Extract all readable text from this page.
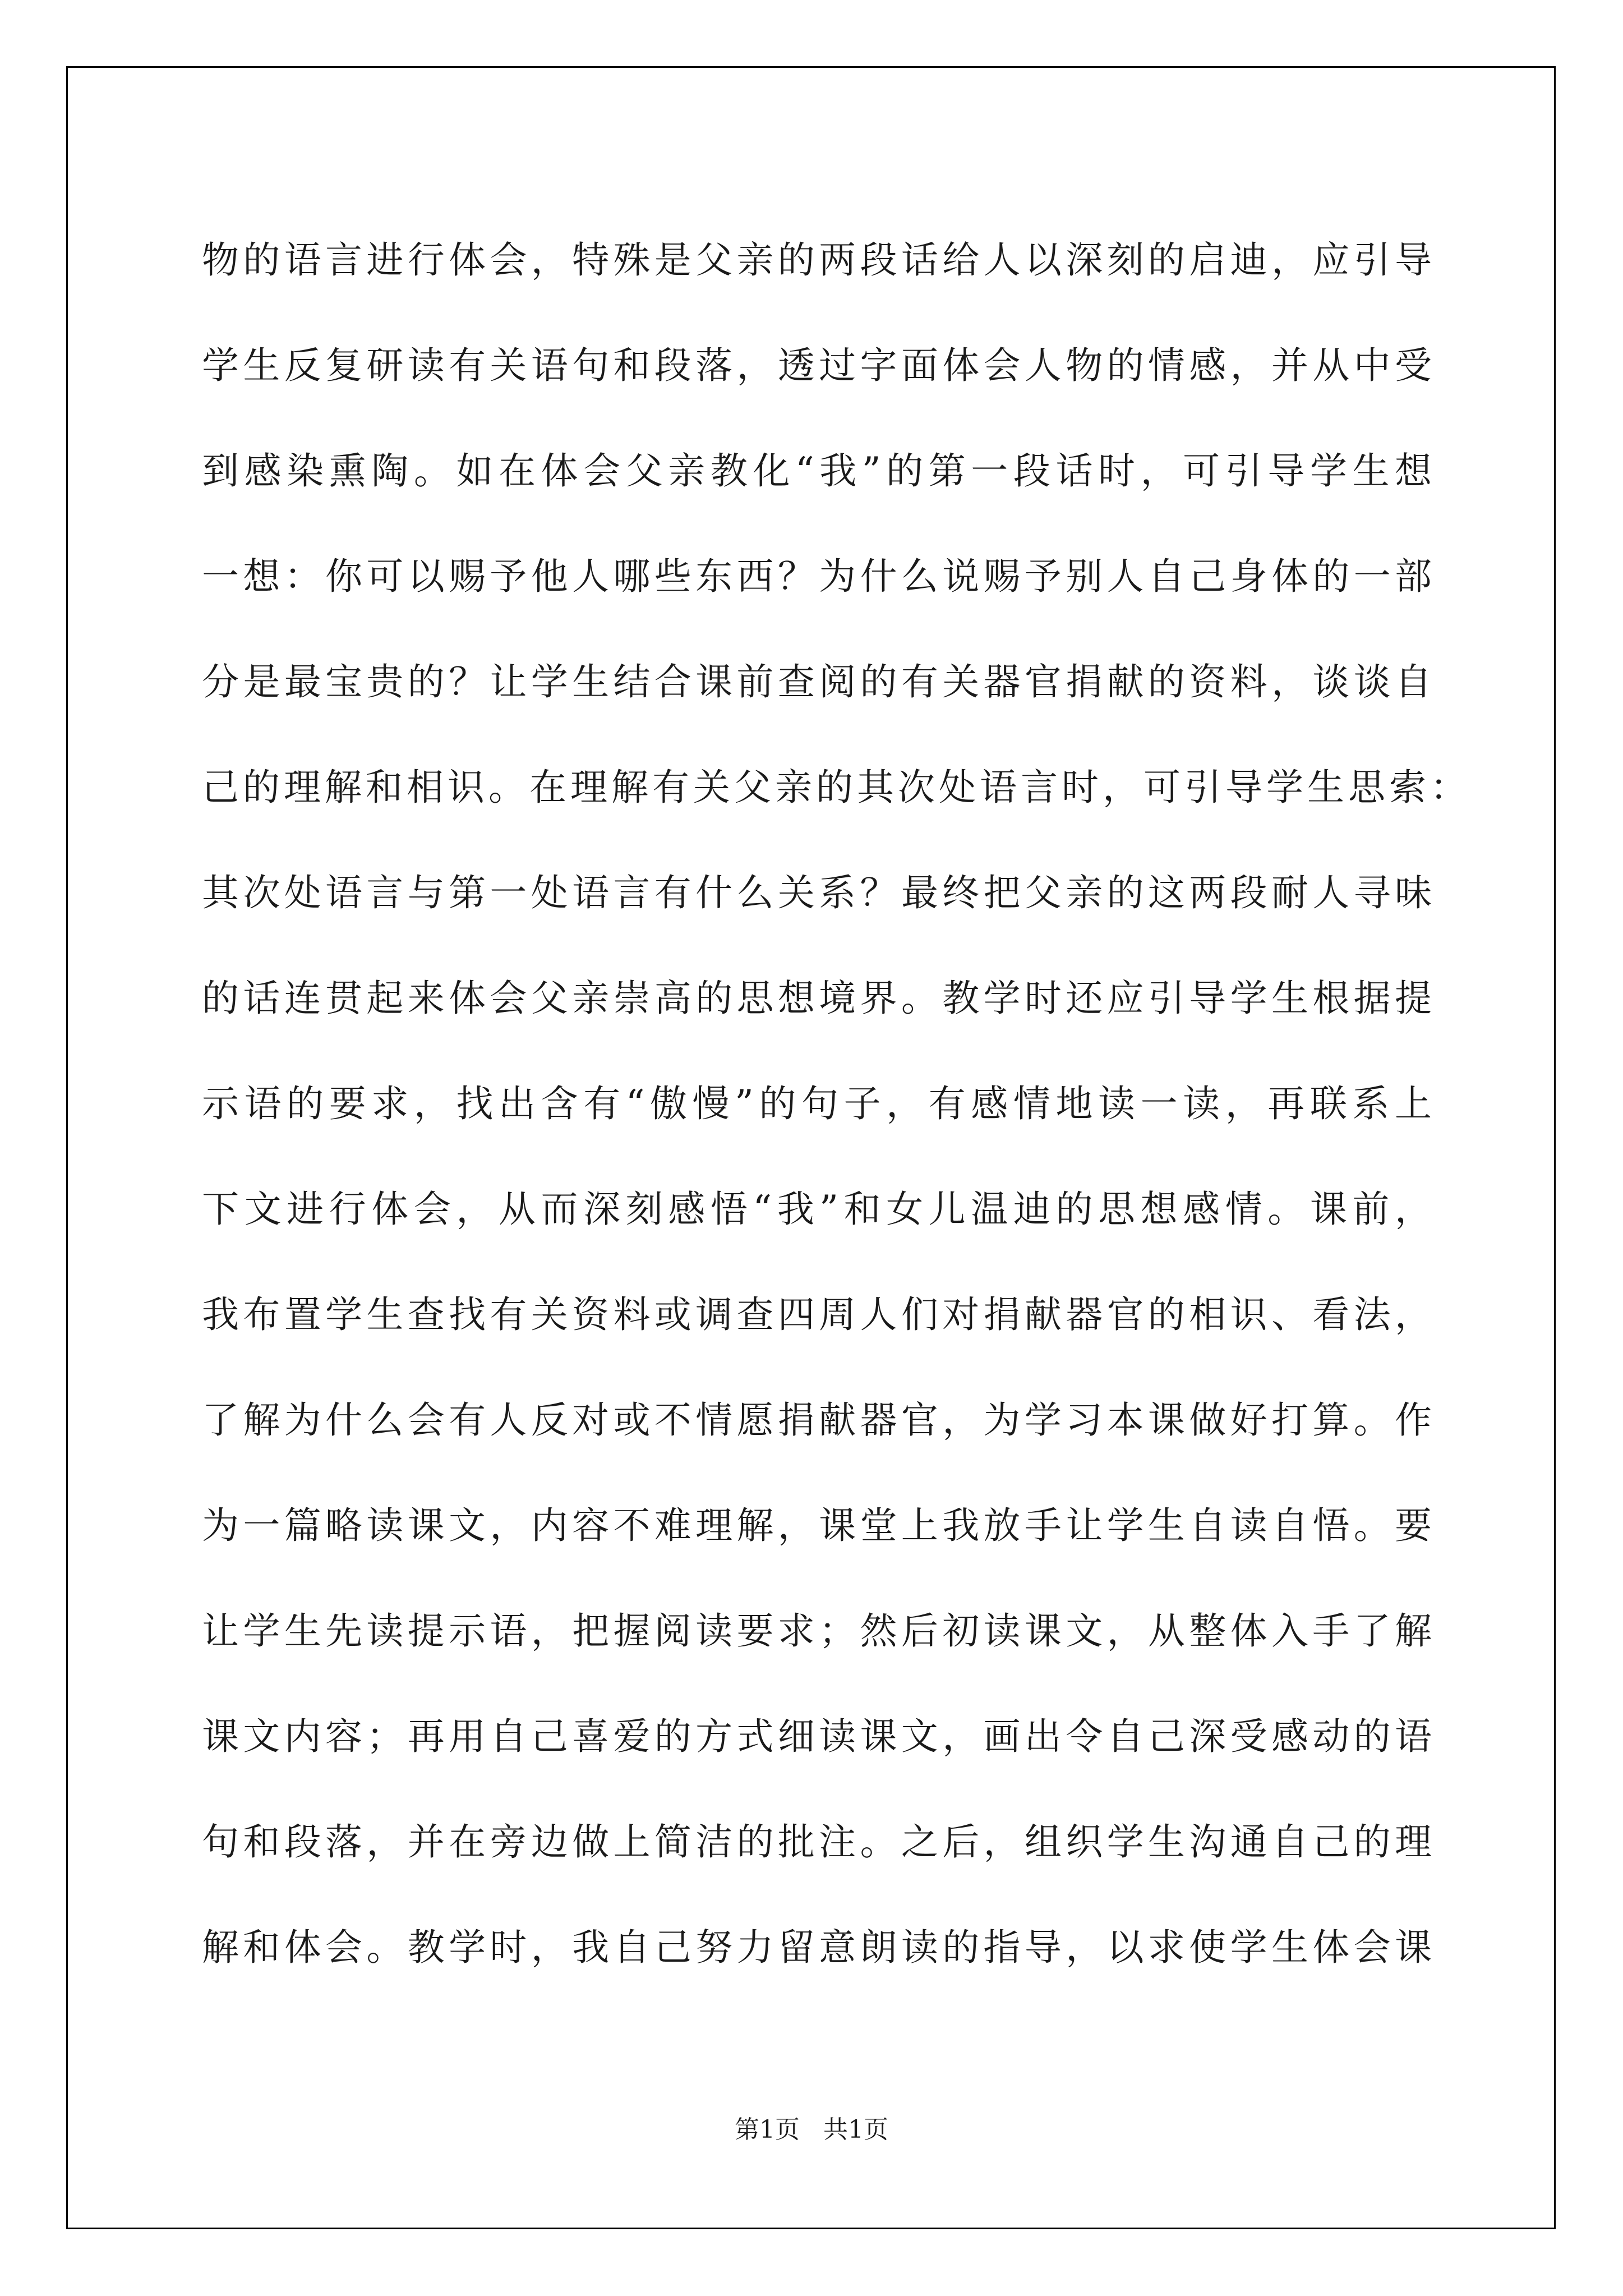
物的语言进行体会，特殊是父亲的两段话给人以深刻的启迪，应引导
学生反复研读有关语句和段落，透过字面体会人物的情感，并从中受
到感染熏陶。如在体会父亲教化“我”的第一段话时，可引导学生想
一想：你可以赐予他人哪些东西？为什么说赐予别人自己身体的一部
分是最宝贵的？让学生结合课前查阅的有关器官捐献的资料，谈谈自
己的理解和相识。在理解有关父亲的其次处语言时，可引导学生思索：
其次处语言与第一处语言有什么关系？最终把父亲的这两段耐人寻味
的话连贯起来体会父亲崇高的思想境界。教学时还应引导学生根据提
示语的要求，找出含有“傲慢”的句子，有感情地读一读，再联系上
下文进行体会，从而深刻感悟“我”和女儿温迪的思想感情。课前，
我布置学生查找有关资料或调查四周人们对捐献器官的相识、看法，
了解为什么会有人反对或不情愿捐献器官，为学习本课做好打算。作
为一篇略读课文，内容不难理解，课堂上我放手让学生自读自悟。要
让学生先读提示语，把握阅读要求；然后初读课文，从整体入手了解
课文内容；再用自己喜爱的方式细读课文，画出令自己深受感动的语
句和段落，并在旁边做上简洁的批注。之后，组织学生沟通自己的理
解和体会。教学时，我自己努力留意朗读的指导，以求使学生体会课
第1页   共1页
